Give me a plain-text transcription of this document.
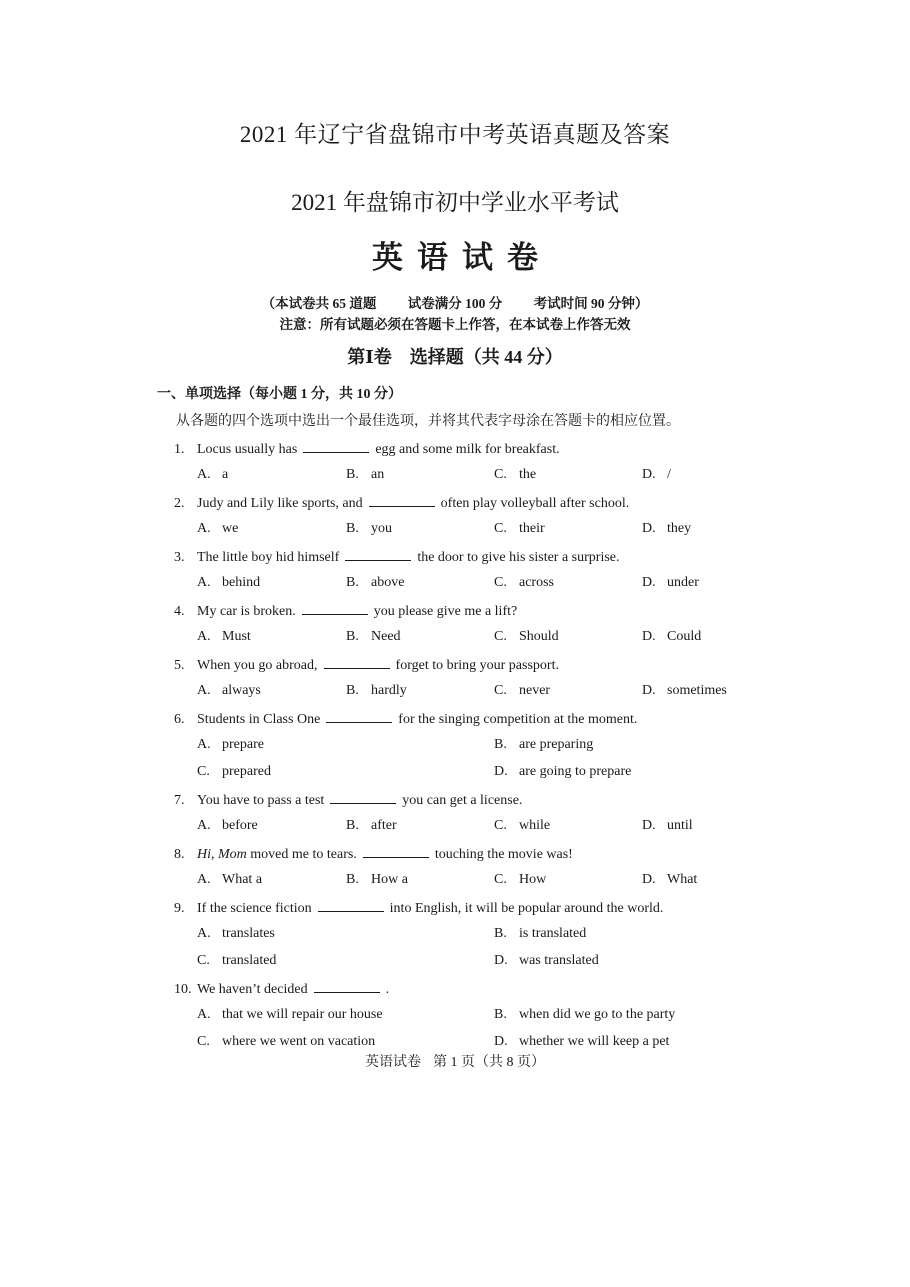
2021 年辽宁省盘锦市中考英语真题及答案
2021 年盘锦市初中学业水平考试
英语试卷
（本试卷共 65 道题 试卷满分 100 分 考试时间 90 分钟）
注意：所有试题必须在答题卡上作答，在本试卷上作答无效
第Ⅰ卷 选择题（共 44 分）
一、单项选择（每小题 1 分，共 10 分）
从各题的四个选项中选出一个最佳选项，并将其代表字母涂在答题卡的相应位置。
1. Locus usually has	egg and some milk for breakfast.
A. a	B. an	C. the	D. /
2. Judy and Lily like sports, and	often play volleyball after school.
A. we	B. you	C. their	D. they
3. The little boy hid himself	the door to give his sister a surprise.
A. behind	B. above	C. across	D. under
4. My car is broken.	you please give me a lift?
A. Must	B. Need	C. Should	D. Could
5. When you go abroad,	forget to bring your passport.
A. always	B. hardly	C. never	D. sometimes
6. Students in Class One	for the singing competition at the moment.
A. prepare	B. are preparing
C. prepared	D. are going to prepare
7. You have to pass a test	you can get a license.
A. before	B. after	C. while	D. until
8. Hi, Mom moved me to tears.	touching the movie was!
A. What a	B. How a	C. How	D. What
9. If the science fiction	into English, it will be popular around the world.
A. translates	B. is translated
C. translated	D. was translated
10. We haven’t decided	.
A. that we will repair our house	B. when did we go to the party
C. where we went on vacation	D. whether we will keep a pet
英语试卷 第 1 页（共 8 页）
